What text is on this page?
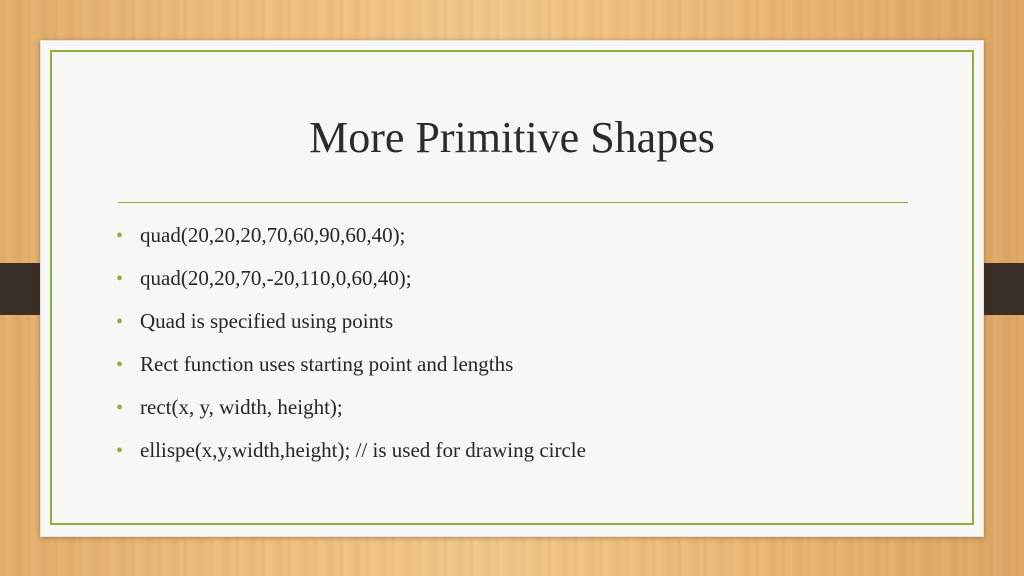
More Primitive Shapes
• quad(20,20,20,70,60,90,60,40);
• quad(20,20,70,-20,110,0,60,40);
• Quad is specified using points
• Rect function uses starting point and lengths
• rect(x, y, width, height);
• ellispe(x,y,width,height); // is used for drawing circle
